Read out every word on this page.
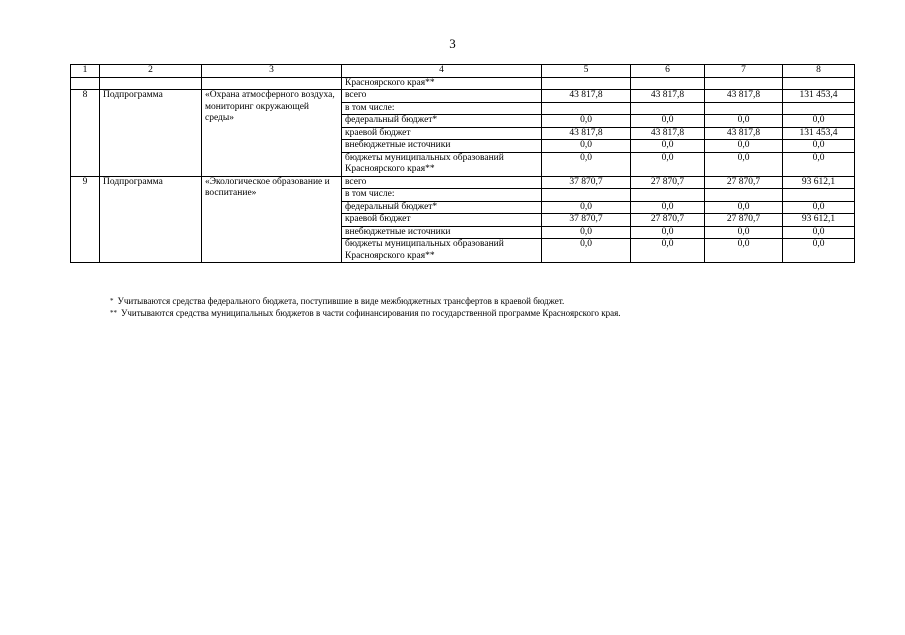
3
1	2	3	4	5	6	7	8
			Красноярского края**				
8	Подпрограмма	«Охрана атмосферного воздуха, мониторинг окружающей среды»	всего	43 817,8	43 817,8	43 817,8	131 453,4
			в том числе:				
			федеральный бюджет*	0,0	0,0	0,0	0,0
			краевой бюджет	43 817,8	43 817,8	43 817,8	131 453,4
			внебюджетные источники	0,0	0,0	0,0	0,0
			бюджеты муниципальных образований Красноярского края**	0,0	0,0	0,0	0,0
9	Подпрограмма	«Экологическое образование и воспитание»	всего	37 870,7	27 870,7	27 870,7	93 612,1
			в том числе:				
			федеральный бюджет*	0,0	0,0	0,0	0,0
			краевой бюджет	37 870,7	27 870,7	27 870,7	93 612,1
			внебюджетные источники	0,0	0,0	0,0	0,0
			бюджеты муниципальных образований Красноярского края**	0,0	0,0	0,0	0,0
* Учитываются средства федерального бюджета, поступившие в виде межбюджетных трансфертов в краевой бюджет.
** Учитываются средства муниципальных бюджетов в части софинансирования по государственной программе Красноярского края.
